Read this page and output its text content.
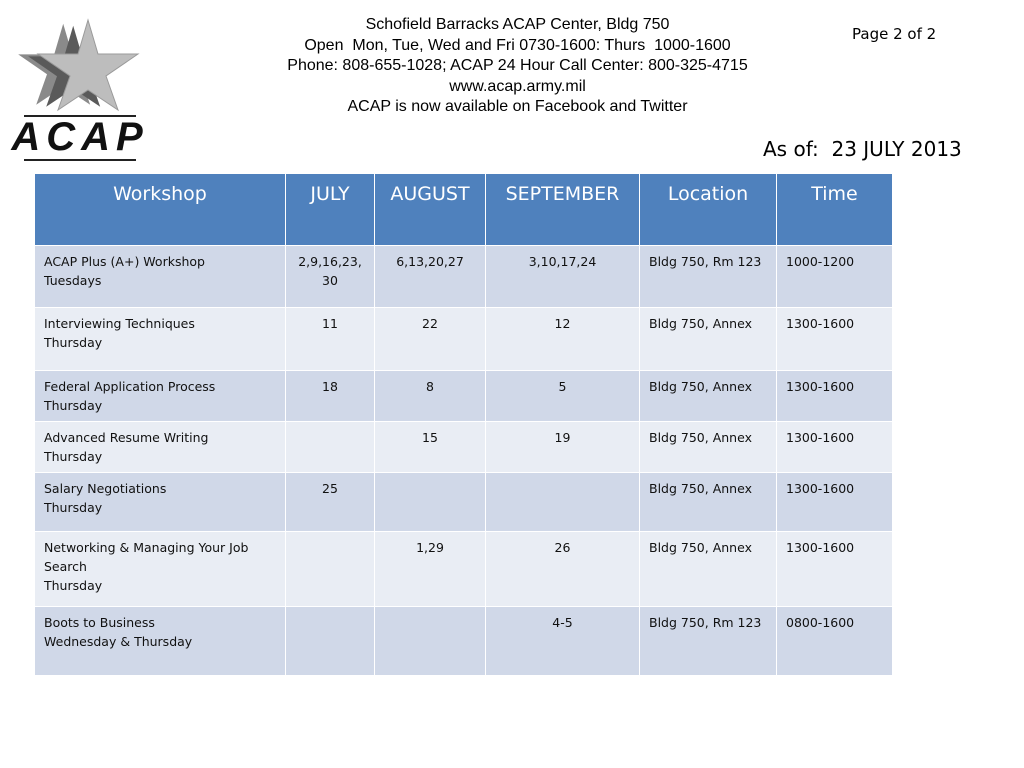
ACAP
Schofield Barracks ACAP Center, Bldg 750
Open  Mon, Tue, Wed and Fri 0730-1600: Thurs  1000-1600
Phone: 808-655-1028; ACAP 24 Hour Call Center: 800-325-4715
www.acap.army.mil
ACAP is now available on Facebook and Twitter
Page 2 of 2
As of:  23 JULY 2013
Workshop	JULY	AUGUST	SEPTEMBER	Location	Time

ACAP Plus (A+) Workshop
Tuesdays	2,9,16,23, 30	6,13,20,27	3,10,17,24	Bldg 750, Rm 123	1000-1200

Interviewing Techniques
Thursday	11	22	12	Bldg 750, Annex	1300-1600

Federal Application Process
Thursday	18	8	5	Bldg 750, Annex	1300-1600

Advanced Resume Writing
Thursday		15	19	Bldg 750, Annex	1300-1600

Salary Negotiations
Thursday	25			Bldg 750, Annex	1300-1600

Networking & Managing Your Job Search
Thursday		1,29	26	Bldg 750, Annex	1300-1600

Boots to Business
Wednesday & Thursday			4-5	Bldg 750, Rm 123	0800-1600
